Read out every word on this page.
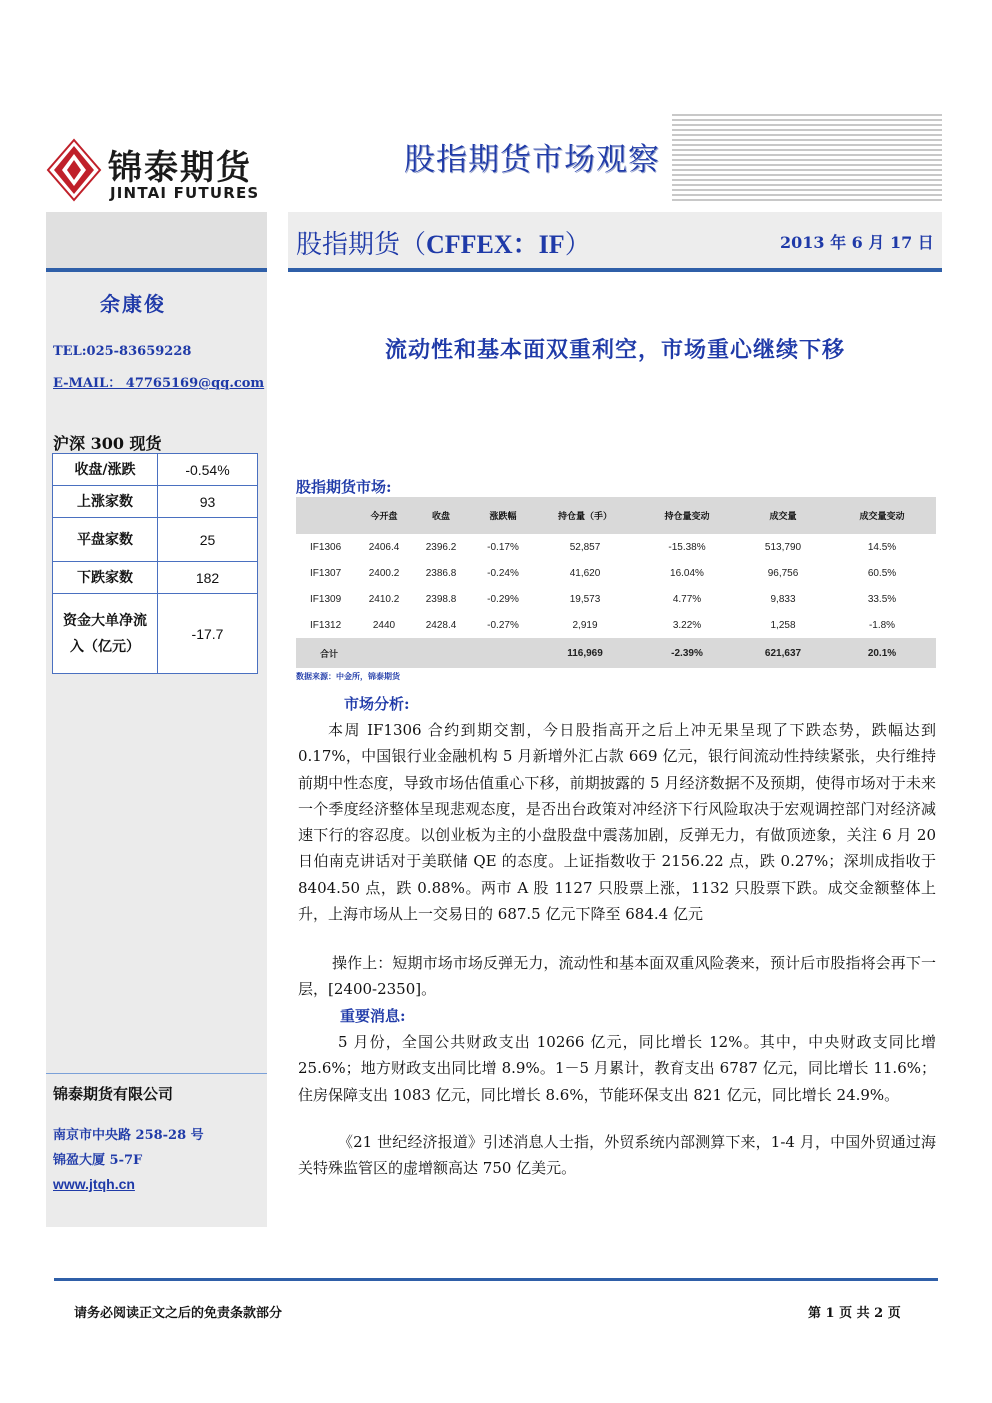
锦泰期货
JINTAI FUTURES
股指期货市场观察
余康俊
TEL:025-83659228
E-MAIL： 47765169@qq.com
沪深 300 现货
收盘/涨跌	-0.54%
上涨家数	93
平盘家数	25
下跌家数	182
资金大单净流入（亿元）	-17.7
锦泰期货有限公司
南京市中央路 258-28 号
锦盈大厦 5-7F
www.jtqh.cn
股指期货（CFFEX：IF）	2013 年 6 月 17 日
流动性和基本面双重利空，市场重心继续下移
股指期货市场:
	今开盘	收盘	涨跌幅	持仓量（手）	持仓量变动	成交量	成交量变动
IF1306	2406.4	2396.2	-0.17%	52,857	-15.38%	513,790	14.5%
IF1307	2400.2	2386.8	-0.24%	41,620	16.04%	96,756	60.5%
IF1309	2410.2	2398.8	-0.29%	19,573	4.77%	9,833	33.5%
IF1312	2440	2428.4	-0.27%	2,919	3.22%	1,258	-1.8%
合计				116,969	-2.39%	621,637	20.1%
数据来源：中金所，锦泰期货
市场分析:
本周 IF1306 合约到期交割，今日股指高开之后上冲无果呈现了下跌态势，跌幅达到 0.17%，中国银行业金融机构 5 月新增外汇占款 669 亿元，银行间流动性持续紧张，央行维持前期中性态度，导致市场估值重心下移，前期披露的 5 月经济数据不及预期，使得市场对于未来一个季度经济整体呈现悲观态度，是否出台政策对冲经济下行风险取决于宏观调控部门对经济减速下行的容忍度。以创业板为主的小盘股盘中震荡加剧，反弹无力，有做顶迹象，关注 6 月 20 日伯南克讲话对于美联储 QE 的态度。上证指数收于 2156.22 点，跌 0.27%；深圳成指收于 8404.50 点，跌 0.88%。两市 A 股 1127 只股票上涨，1132 只股票下跌。成交金额整体上升，上海市场从上一交易日的 687.5 亿元下降至 684.4 亿元
操作上：短期市场市场反弹无力，流动性和基本面双重风险袭来，预计后市股指将会再下一层，[2400-2350]。
重要消息:
5 月份，全国公共财政支出 10266 亿元，同比增长 12%。其中，中央财政支同比增 25.6%；地方财政支出同比增 8.9%。1－5 月累计，教育支出 6787 亿元，同比增长 11.6%；住房保障支出 1083 亿元，同比增长 8.6%，节能环保支出 821 亿元，同比增长 24.9%。
《21 世纪经济报道》引述消息人士指，外贸系统内部测算下来，1-4 月，中国外贸通过海关特殊监管区的虚增额高达 750 亿美元。
请务必阅读正文之后的免责条款部分	第 1 页 共 2 页
